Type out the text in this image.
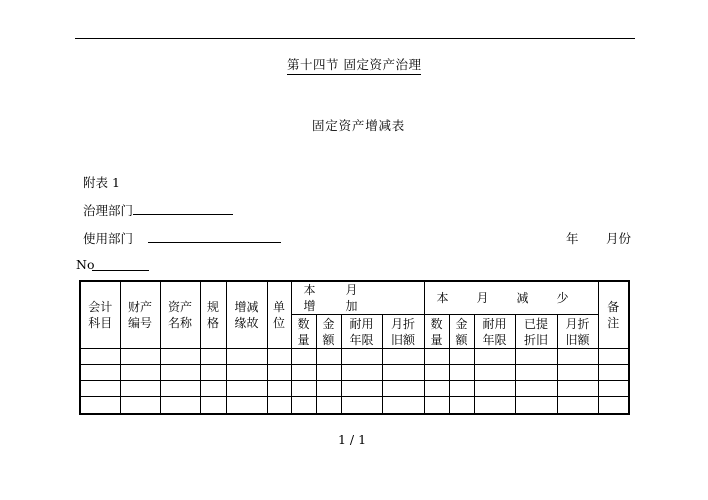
第十四节 固定资产治理
固定资产增减表
附表 1
治理部门
使用部门	年 月份
No
会计科目	财产编号	资产名称	规格	增减缘故	单位	本月增加				本月减少					备注
						数量	金额	耐用年限	月折旧额	数量	金额	耐用年限	已提折旧	月折旧额	

1 / 1
